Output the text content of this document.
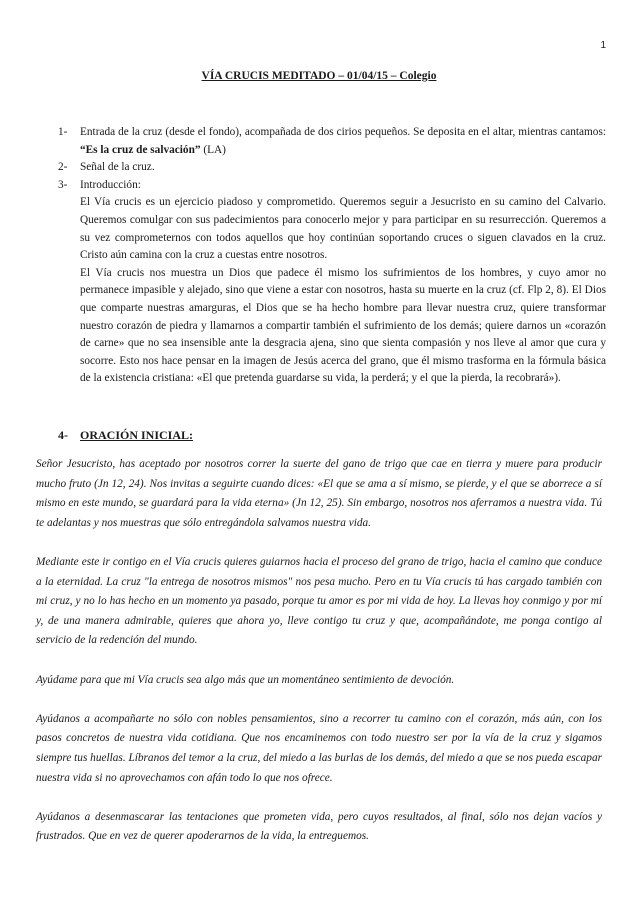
1
VÍA CRUCIS MEDITADO – 01/04/15 – Colegio
1-	Entrada de la cruz (desde el fondo), acompañada de dos cirios pequeños. Se deposita en el altar, mientras cantamos: “Es la cruz de salvación” (LA)

2-	Señal de la cruz.

3-	Introducción:

El Vía crucis es un ejercicio piadoso y comprometido. Queremos seguir a Jesucristo en su camino del Calvario. Queremos comulgar con sus padecimientos para conocerlo mejor y para participar en su resurrección. Queremos a su vez comprometernos con todos aquellos que hoy continúan soportando cruces o siguen clavados en la cruz. Cristo aún camina con la cruz a cuestas entre nosotros.

El Vía crucis nos muestra un Dios que padece él mismo los sufrimientos de los hombres, y cuyo amor no permanece impasible y alejado, sino que viene a estar con nosotros, hasta su muerte en la cruz (cf. Flp 2, 8). El Dios que comparte nuestras amarguras, el Dios que se ha hecho hombre para llevar nuestra cruz, quiere transformar nuestro corazón de piedra y llamarnos a compartir también el sufrimiento de los demás; quiere darnos un «corazón de carne» que no sea insensible ante la desgracia ajena, sino que sienta compasión y nos lleve al amor que cura y socorre. Esto nos hace pensar en la imagen de Jesús acerca del grano, que él mismo trasforma en la fórmula básica de la existencia cristiana: «El que pretenda guardarse su vida, la perderá; y el que la pierda, la recobrará»).

4-	ORACIÓN INICIAL:

Señor Jesucristo, has aceptado por nosotros correr la suerte del gano de trigo que cae en tierra y muere para producir mucho fruto (Jn 12, 24). Nos invitas a seguirte cuando dices: «El que se ama a sí mismo, se pierde, y el que se aborrece a sí mismo en este mundo, se guardará para la vida eterna» (Jn 12, 25). Sin embargo, nosotros nos aferramos a nuestra vida. Tú te adelantas y nos muestras que sólo entregándola salvamos nuestra vida.

Mediante este ir contigo en el Vía crucis quieres guiarnos hacia el proceso del grano de trigo, hacia el camino que conduce a la eternidad. La cruz "la entrega de nosotros mismos" nos pesa mucho. Pero en tu Vía crucis tú has cargado también con mi cruz, y no lo has hecho en un momento ya pasado, porque tu amor es por mi vida de hoy. La llevas hoy conmigo y por mí y, de una manera admirable, quieres que ahora yo, lleve contigo tu cruz y que, acompañándote, me ponga contigo al servicio de la redención del mundo.

Ayúdame para que mi Vía crucis sea algo más que un momentáneo sentimiento de devoción.

Ayúdanos a acompañarte no sólo con nobles pensamientos, sino a recorrer tu camino con el corazón, más aún, con los pasos concretos de nuestra vida cotidiana. Que nos encaminemos con todo nuestro ser por la vía de la cruz y sigamos siempre tus huellas. Líbranos del temor a la cruz, del miedo a las burlas de los demás, del miedo a que se nos pueda escapar nuestra vida si no aprovechamos con afán todo lo que nos ofrece.

Ayúdanos a desenmascarar las tentaciones que prometen vida, pero cuyos resultados, al final, sólo nos dejan vacíos y frustrados. Que en vez de querer apoderarnos de la vida, la entreguemos.
